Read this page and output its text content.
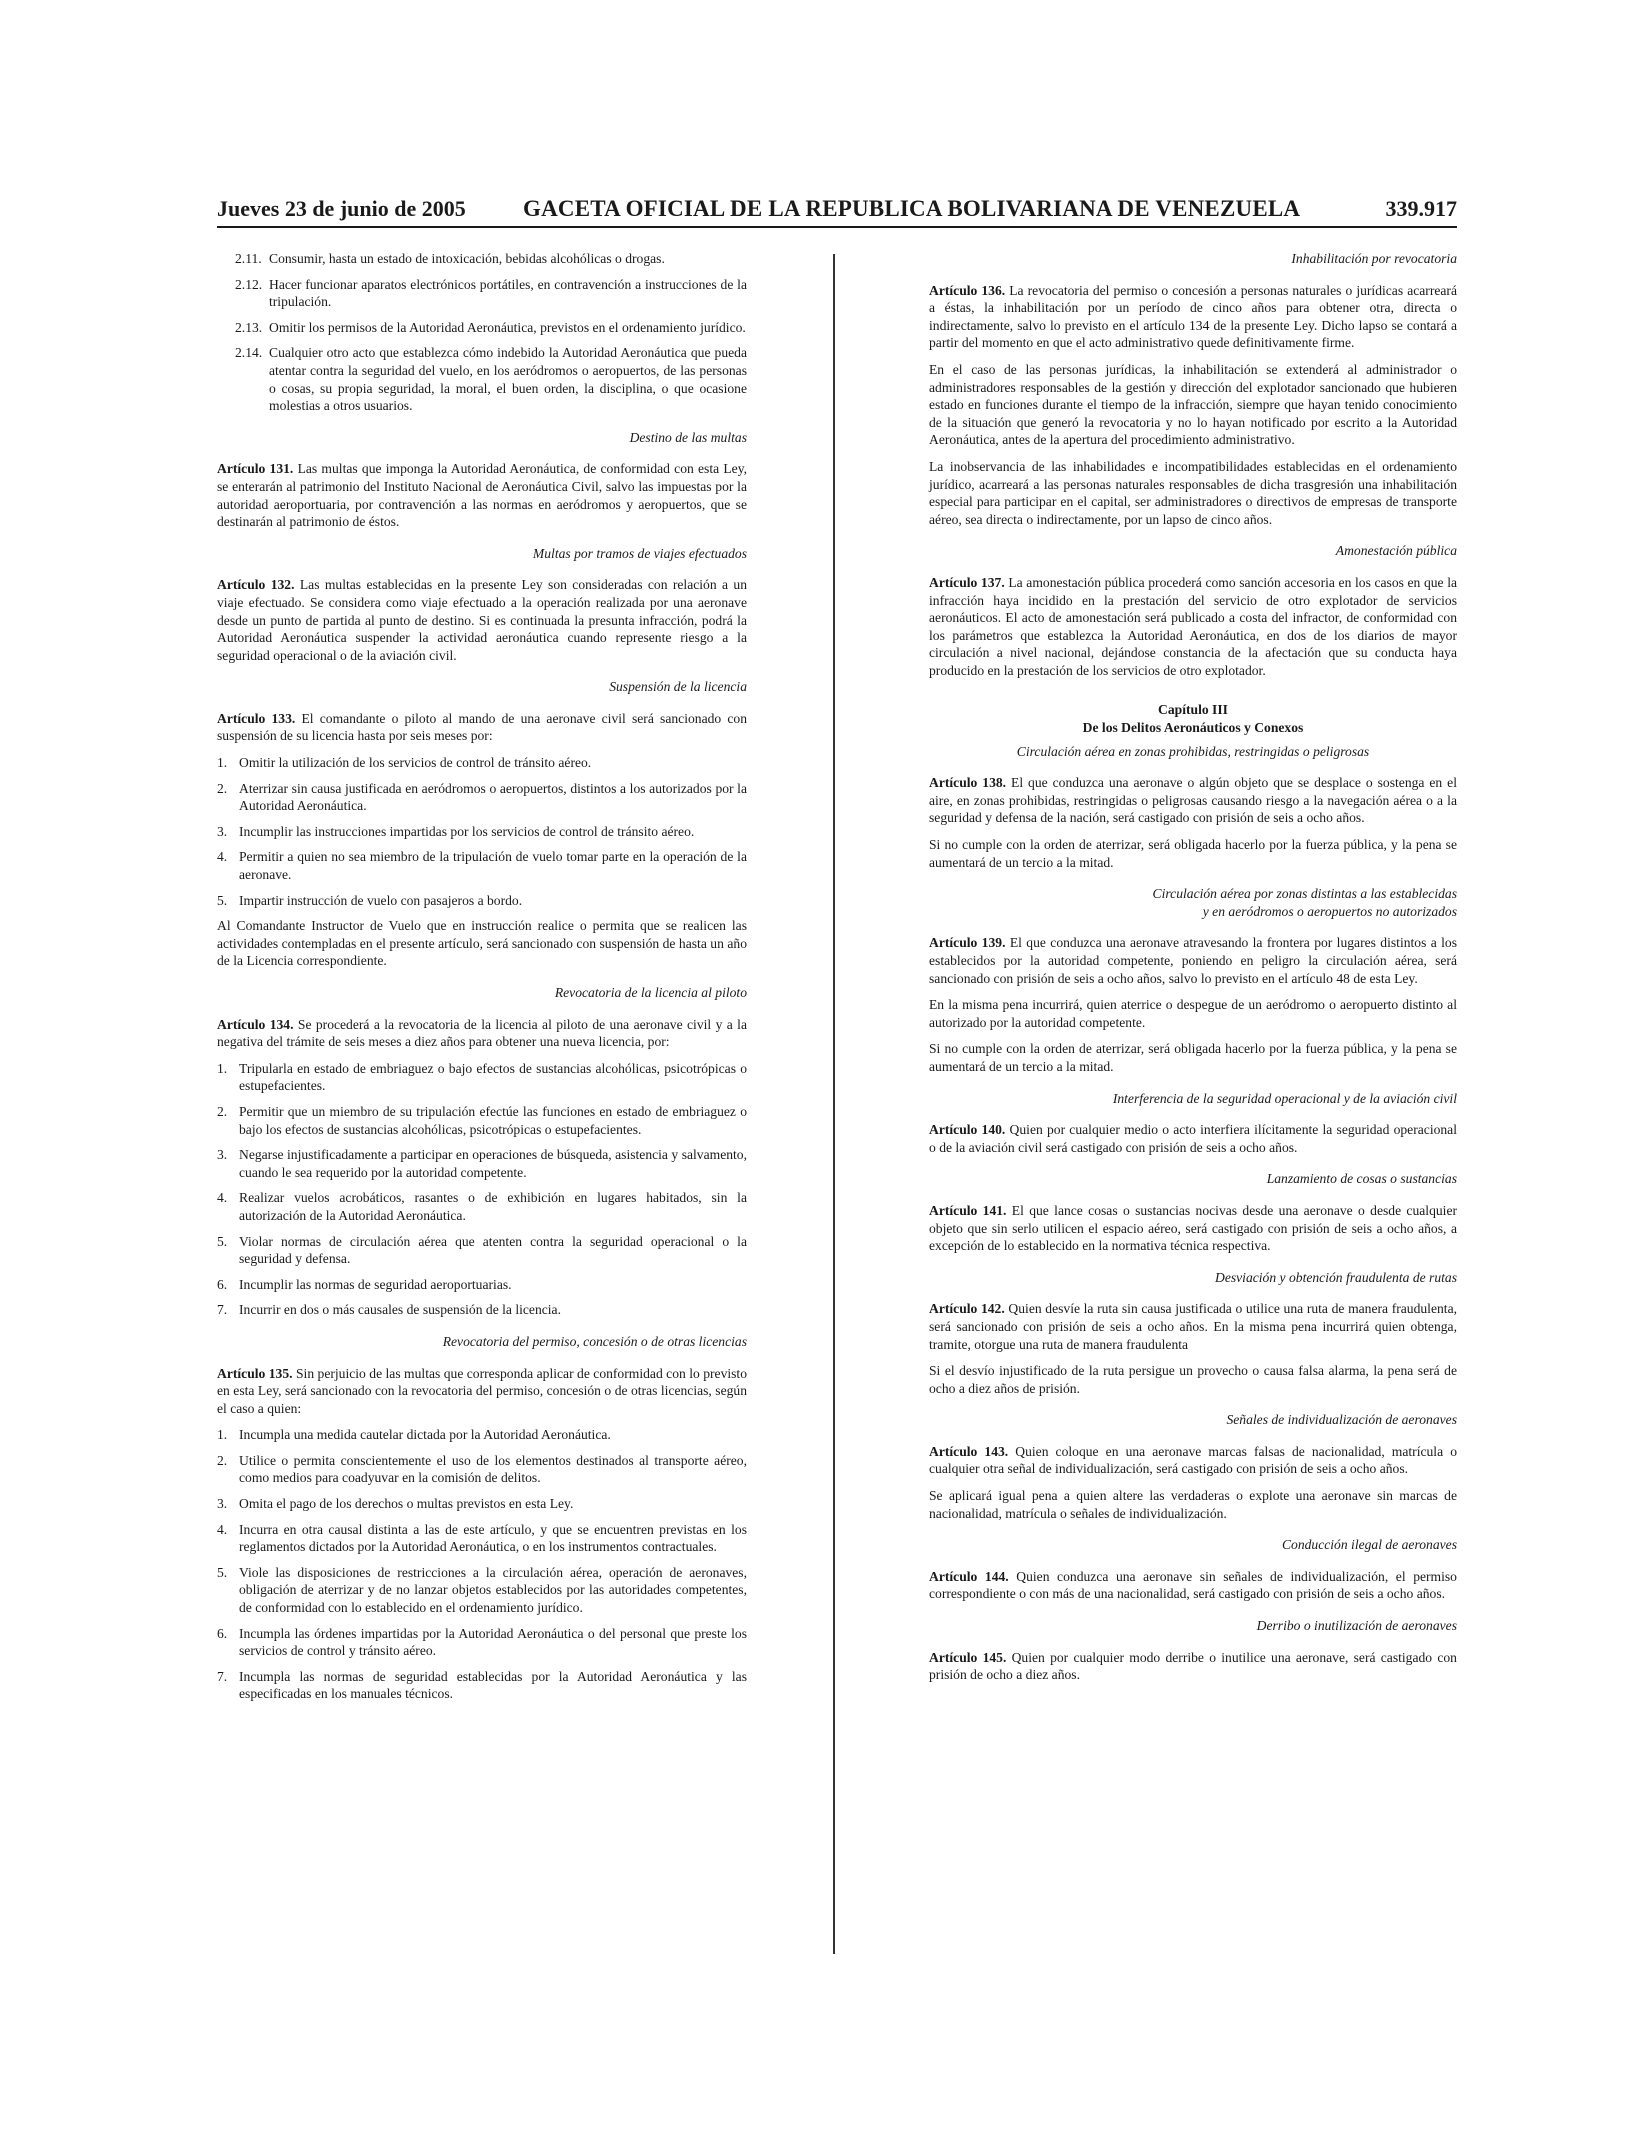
Jueves 23 de junio de 2005 GACETA OFICIAL DE LA REPUBLICA BOLIVARIANA DE VENEZUELA	339.917
2.11. Consumir, hasta un estado de intoxicación, bebidas alcohólicas o drogas.
2.12. Hacer funcionar aparatos electrónicos portátiles, en contravención a instrucciones de la tripulación.
2.13. Omitir los permisos de la Autoridad Aeronáutica, previstos en el ordenamiento jurídico.
2.14. Cualquier otro acto que establezca cómo indebido la Autoridad Aeronáutica que pueda atentar contra la seguridad del vuelo, en los aeródromos o aeropuertos, de las personas o cosas, su propia seguridad, la moral, el buen orden, la disciplina, o que ocasione molestias a otros usuarios.
Destino de las multas

Artículo 131. Las multas que imponga la Autoridad Aeronáutica, de conformidad con esta Ley, se enterarán al patrimonio del Instituto Nacional de Aeronáutica Civil, salvo las impuestas por la autoridad aeroportuaria, por contravención a las normas en aeródromos y aeropuertos, que se destinarán al patrimonio de éstos.

Multas por tramos de viajes efectuados

Artículo 132. Las multas establecidas en la presente Ley son consideradas con relación a un viaje efectuado. Se considera como viaje efectuado a la operación realizada por una aeronave desde un punto de partida al punto de destino. Si es continuada la presunta infracción, podrá la Autoridad Aeronáutica suspender la actividad aeronáutica cuando represente riesgo a la seguridad operacional o de la aviación civil.

Suspensión de la licencia

Artículo 133. El comandante o piloto al mando de una aeronave civil será sancionado con suspensión de su licencia hasta por seis meses por:

1. Omitir la utilización de los servicios de control de tránsito aéreo.
2. Aterrizar sin causa justificada en aeródromos o aeropuertos, distintos a los autorizados por la Autoridad Aeronáutica.
3. Incumplir las instrucciones impartidas por los servicios de control de tránsito aéreo.
4. Permitir a quien no sea miembro de la tripulación de vuelo tomar parte en la operación de la aeronave.
5. Impartir instrucción de vuelo con pasajeros a bordo.

Al Comandante Instructor de Vuelo que en instrucción realice o permita que se realicen las actividades contempladas en el presente artículo, será sancionado con suspensión de hasta un año de la Licencia correspondiente.

Revocatoria de la licencia al piloto

Artículo 134. Se procederá a la revocatoria de la licencia al piloto de una aeronave civil y a la negativa del trámite de seis meses a diez años para obtener una nueva licencia, por:

1. Tripularla en estado de embriaguez o bajo efectos de sustancias alcohólicas, psicotrópicas o estupefacientes.
2. Permitir que un miembro de su tripulación efectúe las funciones en estado de embriaguez o bajo los efectos de sustancias alcohólicas, psicotrópicas o estupefacientes.
3. Negarse injustificadamente a participar en operaciones de búsqueda, asistencia y salvamento, cuando le sea requerido por la autoridad competente.
4. Realizar vuelos acrobáticos, rasantes o de exhibición en lugares habitados, sin la autorización de la Autoridad Aeronáutica.
5. Violar normas de circulación aérea que atenten contra la seguridad operacional o la seguridad y defensa.
6. Incumplir las normas de seguridad aeroportuarias.
7. Incurrir en dos o más causales de suspensión de la licencia.
Revocatoria del permiso, concesión o de otras licencias

Artículo 135. Sin perjuicio de las multas que corresponda aplicar de conformidad con lo previsto en esta Ley, será sancionado con la revocatoria del permiso, concesión o de otras licencias, según el caso a quien:

1. Incumpla una medida cautelar dictada por la Autoridad Aeronáutica.
2. Utilice o permita conscientemente el uso de los elementos destinados al transporte aéreo, como medios para coadyuvar en la comisión de delitos.
3. Omita el pago de los derechos o multas previstos en esta Ley.
4. Incurra en otra causal distinta a las de este artículo, y que se encuentren previstas en los reglamentos dictados por la Autoridad Aeronáutica, o en los instrumentos contractuales.
5. Viole las disposiciones de restricciones a la circulación aérea, operación de aeronaves, obligación de aterrizar y de no lanzar objetos establecidos por las autoridades competentes, de conformidad con lo establecido en el ordenamiento jurídico.
6. Incumpla las órdenes impartidas por la Autoridad Aeronáutica o del personal que preste los servicios de control y tránsito aéreo.
7. Incumpla las normas de seguridad establecidas por la Autoridad Aeronáutica y las especificadas en los manuales técnicos.
Inhabilitación por revocatoria

Artículo 136. La revocatoria del permiso o concesión a personas naturales o jurídicas acarreará a éstas, la inhabilitación por un período de cinco años para obtener otra, directa o indirectamente, salvo lo previsto en el artículo 134 de la presente Ley. Dicho lapso se contará a partir del momento en que el acto administrativo quede definitivamente firme.

En el caso de las personas jurídicas, la inhabilitación se extenderá al administrador o administradores responsables de la gestión y dirección del explotador sancionado que hubieren estado en funciones durante el tiempo de la infracción, siempre que hayan tenido conocimiento de la situación que generó la revocatoria y no lo hayan notificado por escrito a la Autoridad Aeronáutica, antes de la apertura del procedimiento administrativo.

La inobservancia de las inhabilidades e incompatibilidades establecidas en el ordenamiento jurídico, acarreará a las personas naturales responsables de dicha trasgresión una inhabilitación especial para participar en el capital, ser administradores o directivos de empresas de transporte aéreo, sea directa o indirectamente, por un lapso de cinco años.

Amonestación pública

Artículo 137. La amonestación pública procederá como sanción accesoria en los casos en que la infracción haya incidido en la prestación del servicio de otro explotador de servicios aeronáuticos. El acto de amonestación será publicado a costa del infractor, de conformidad con los parámetros que establezca la Autoridad Aeronáutica, en dos de los diarios de mayor circulación a nivel nacional, dejándose constancia de la afectación que su conducta haya producido en la prestación de los servicios de otro explotador.

Capítulo III
De los Delitos Aeronáuticos y Conexos
Circulación aérea en zonas prohibidas, restringidas o peligrosas

Artículo 138. El que conduzca una aeronave o algún objeto que se desplace o sostenga en el aire, en zonas prohibidas, restringidas o peligrosas causando riesgo a la navegación aérea o a la seguridad y defensa de la nación, será castigado con prisión de seis a ocho años.

Si no cumple con la orden de aterrizar, será obligada hacerlo por la fuerza pública, y la pena se aumentará de un tercio a la mitad.

Circulación aérea por zonas distintas a las establecidas
y en aeródromos o aeropuertos no autorizados

Artículo 139. El que conduzca una aeronave atravesando la frontera por lugares distintos a los establecidos por la autoridad competente, poniendo en peligro la circulación aérea, será sancionado con prisión de seis a ocho años, salvo lo previsto en el artículo 48 de esta Ley.

En la misma pena incurrirá, quien aterrice o despegue de un aeródromo o aeropuerto distinto al autorizado por la autoridad competente.

Si no cumple con la orden de aterrizar, será obligada hacerlo por la fuerza pública, y la pena se aumentará de un tercio a la mitad.

Interferencia de la seguridad operacional y de la aviación civil

Artículo 140. Quien por cualquier medio o acto interfiera ilícitamente la seguridad operacional o de la aviación civil será castigado con prisión de seis a ocho años.

Lanzamiento de cosas o sustancias

Artículo 141. El que lance cosas o sustancias nocivas desde una aeronave o desde cualquier objeto que sin serlo utilicen el espacio aéreo, será castigado con prisión de seis a ocho años, a excepción de lo establecido en la normativa técnica respectiva.

Desviación y obtención fraudulenta de rutas

Artículo 142. Quien desvíe la ruta sin causa justificada o utilice una ruta de manera fraudulenta, será sancionado con prisión de seis a ocho años. En la misma pena incurrirá quien obtenga, tramite, otorgue una ruta de manera fraudulenta

Si el desvío injustificado de la ruta persigue un provecho o causa falsa alarma, la pena será de ocho a diez años de prisión.

Señales de individualización de aeronaves

Artículo 143. Quien coloque en una aeronave marcas falsas de nacionalidad, matrícula o cualquier otra señal de individualización, será castigado con prisión de seis a ocho años.

Se aplicará igual pena a quien altere las verdaderas o explote una aeronave sin marcas de nacionalidad, matrícula o señales de individualización.

Conducción ilegal de aeronaves

Artículo 144. Quien conduzca una aeronave sin señales de individualización, el permiso correspondiente o con más de una nacionalidad, será castigado con prisión de seis a ocho años.

Derribo o inutilización de aeronaves

Artículo 145. Quien por cualquier modo derribe o inutilice una aeronave, será castigado con prisión de ocho a diez años.
